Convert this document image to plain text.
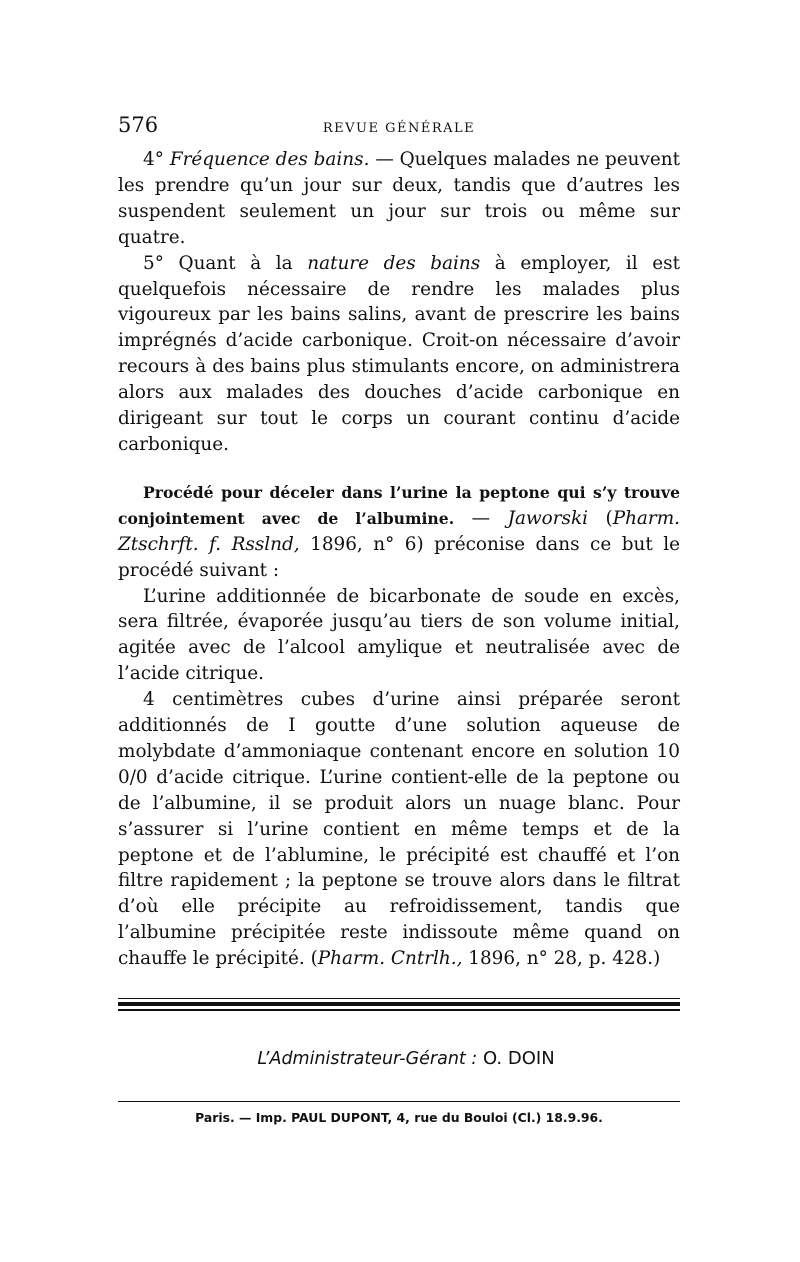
576	REVUE GÉNÉRALE

4° Fréquence des bains. — Quelques malades ne peuvent les prendre qu’un jour sur deux, tandis que d’autres les suspendent seulement un jour sur trois ou même sur quatre.

5° Quant à la nature des bains à employer, il est quelquefois nécessaire de rendre les malades plus vigoureux par les bains salins, avant de prescrire les bains imprégnés d’acide carbonique. Croit-on nécessaire d’avoir recours à des bains plus stimulants encore, on administrera alors aux malades des douches d’acide carbonique en dirigeant sur tout le corps un courant continu d’acide carbonique.

Procédé pour déceler dans l’urine la peptone qui s’y trouve conjointement avec de l’albumine. — Jaworski (Pharm. Ztschrft. f. Rsslnd, 1896, n° 6) préconise dans ce but le procédé suivant :

L’urine additionnée de bicarbonate de soude en excès, sera filtrée, évaporée jusqu’au tiers de son volume initial, agitée avec de l’alcool amylique et neutralisée avec de l’acide citrique.

4 centimètres cubes d’urine ainsi préparée seront additionnés de I goutte d’une solution aqueuse de molybdate d’ammoniaque contenant encore en solution 10 0/0 d’acide citrique. L’urine contient-elle de la peptone ou de l’albumine, il se produit alors un nuage blanc. Pour s’assurer si l’urine contient en même temps et de la peptone et de l’ablumine, le précipité est chauffé et l’on filtre rapidement ; la peptone se trouve alors dans le filtrat d’où elle précipite au refroidissement, tandis que l’albumine précipitée reste indissoute même quand on chauffe le précipité. (Pharm. Cntrlh., 1896, n° 28, p. 428.)

L’Administrateur-Gérant : O. DOIN
Paris. — Imp. PAUL DUPONT, 4, rue du Bouloi (Cl.) 18.9.96.
